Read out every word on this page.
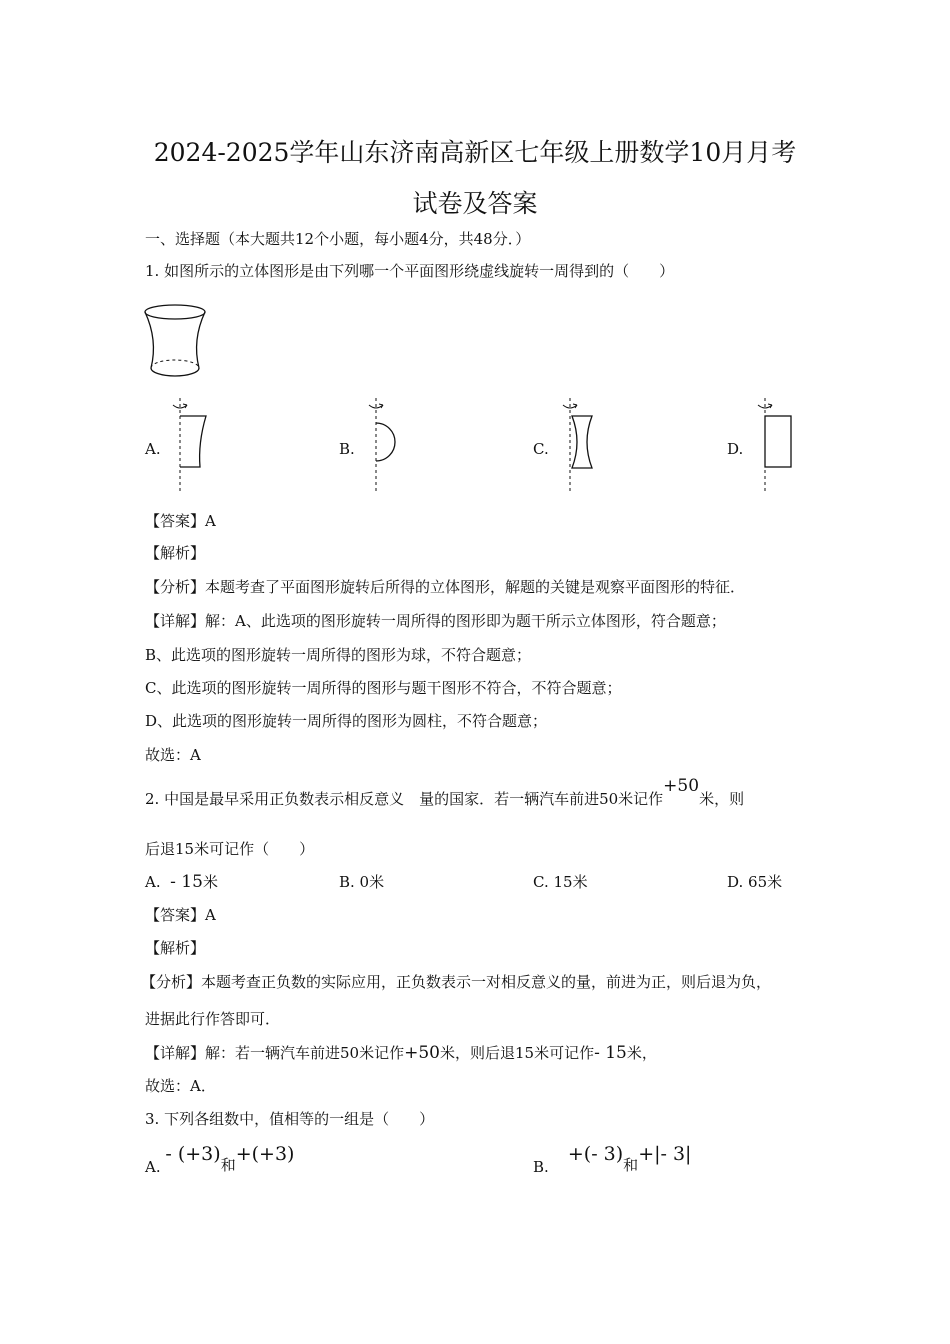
2024-2025学年山东济南高新区七年级上册数学10月月考
试卷及答案
一、选择题（本大题共12个小题，每小题4分，共48分．）
1. 如图所示的立体图形是由下列哪一个平面图形绕虚线旋转一周得到的（　　）
A.	B.	C.	D.
【答案】A
【解析】
【分析】本题考查了平面图形旋转后所得的立体图形，解题的关键是观察平面图形的特征．
【详解】解：A、此选项的图形旋转一周所得的图形即为题干所示立体图形，符合题意；
B、此选项的图形旋转一周所得的图形为球，不符合题意；
C、此选项的图形旋转一周所得的图形与题干图形不符合，不符合题意；
D、此选项的图形旋转一周所得的图形为圆柱，不符合题意；
故选：A
2. 中国是最早采用正负数表示相反意义　量的国家．若一辆汽车前进50米记作+50米，则
后退15米可记作（　　）
A. - 15米	B. 0米	C. 15米	D. 65米
【答案】A
【解析】
【分析】本题考查正负数的实际应用，正负数表示一对相反意义的量，前进为正，则后退为负，
进据此行作答即可．
【详解】解：若一辆汽车前进50米记作+50米，则后退15米可记作- 15米，
故选：A．
3. 下列各组数中，值相等的一组是（　　）
A. - (+3)和+(+3)
B.    +(- 3)和+|- 3|
